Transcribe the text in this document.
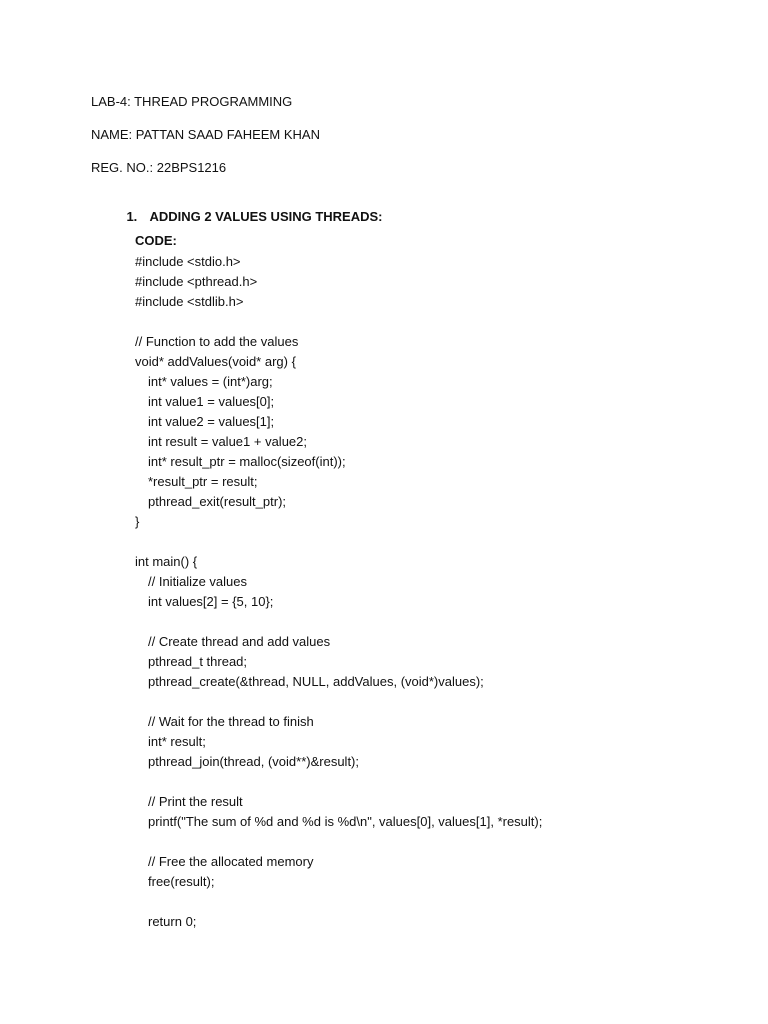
LAB-4: THREAD PROGRAMMING
NAME: PATTAN SAAD FAHEEM KHAN
REG. NO.: 22BPS1216

1. ADDING 2 VALUES USING THREADS:

CODE:
#include <stdio.h>
#include <pthread.h>
#include <stdlib.h>
// Function to add the values
void* addValues(void* arg) {
int* values = (int*)arg;
int value1 = values[0];
int value2 = values[1];
int result = value1 + value2;
int* result_ptr = malloc(sizeof(int));
*result_ptr = result;
pthread_exit(result_ptr);
}
int main() {
// Initialize values
int values[2] = {5, 10};
// Create thread and add values
pthread_t thread;
pthread_create(&thread, NULL, addValues, (void*)values);
// Wait for the thread to finish
int* result;
pthread_join(thread, (void**)&result);
// Print the result
printf("The sum of %d and %d is %d\n", values[0], values[1], *result);
// Free the allocated memory
free(result);
return 0;
